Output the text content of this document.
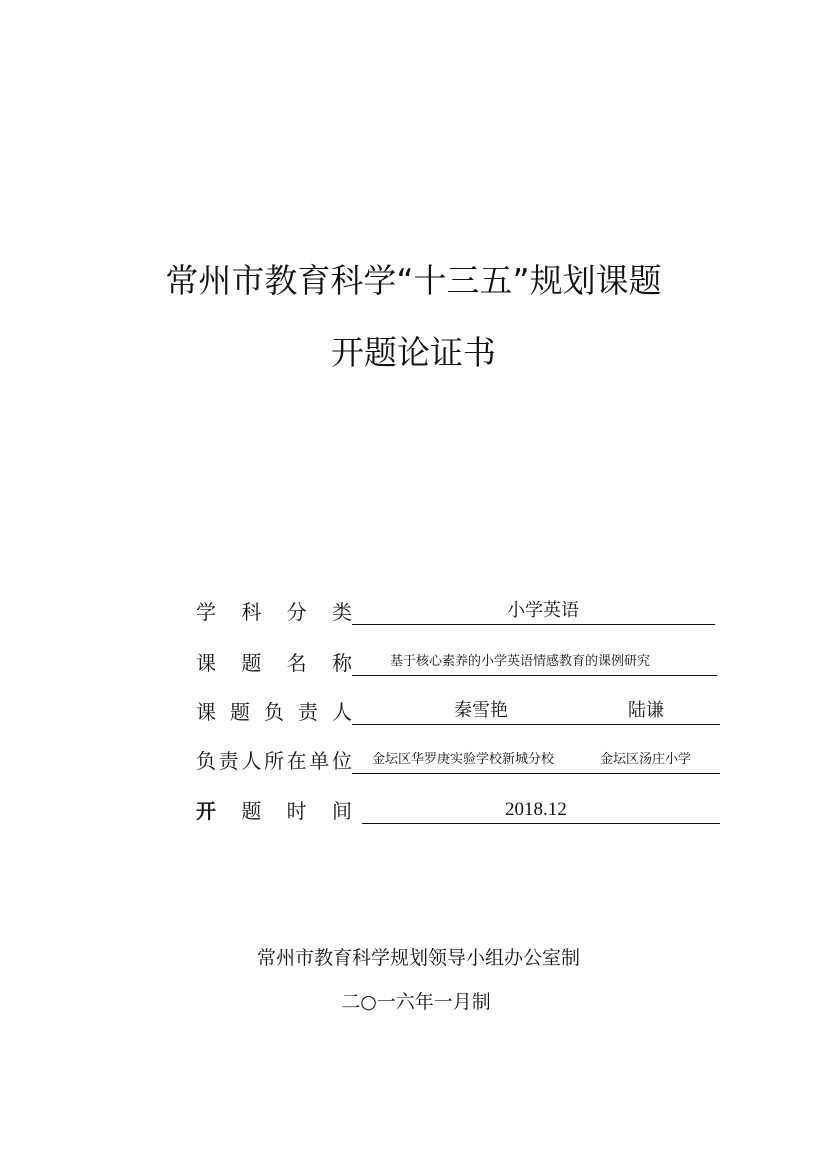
常州市教育科学“十三五”规划课题
开题论证书
学 科 分 类	小学英语
课 题 名 称	基于核心素养的小学英语情感教育的课例研究
课 题 负 责 人	秦雪艳	陆谦
负 责 人 所 在 单 位 金坛区华罗庚实验学校新城分校	金坛区汤庄小学
开 题 时 间	2018.12
常州市教育科学规划领导小组办公室制
二○一六年一月制
